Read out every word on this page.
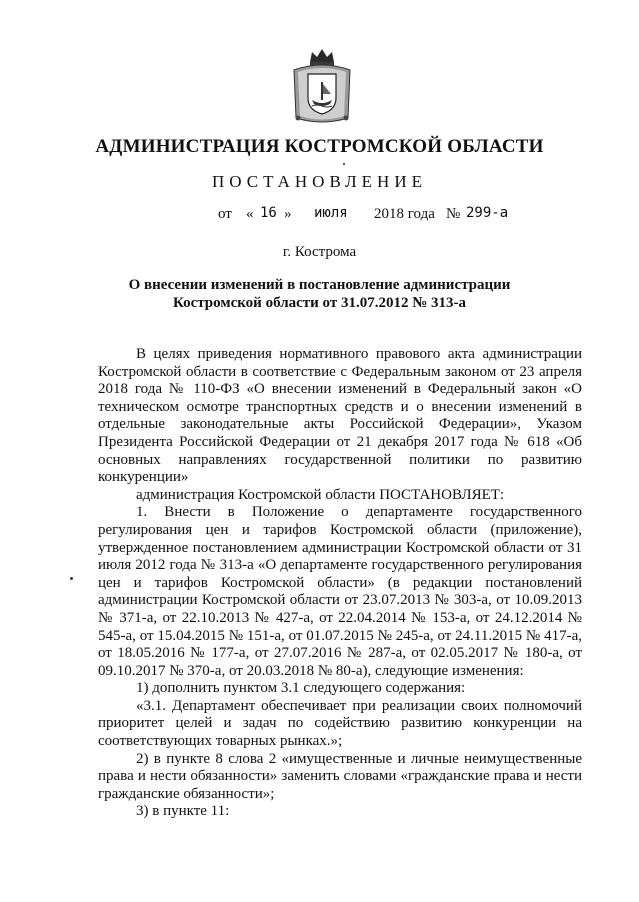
АДМИНИСТРАЦИЯ КОСТРОМСКОЙ ОБЛАСТИ
ПОСТАНОВЛЕНИЕ
от « 16 » июля 2018 года № 299-а
г. Кострома
О внесении изменений в постановление администрации
Костромской области от 31.07.2012 № 313-а

В целях приведения нормативного правового акта администрации Костромской области в соответствие с Федеральным законом от 23 апреля 2018 года № 110-ФЗ «О внесении изменений в Федеральный закон «О техническом осмотре транспортных средств и о внесении изменений в отдельные законодательные акты Российской Федерации», Указом Президента Российской Федерации от 21 декабря 2017 года № 618 «Об основных направлениях государственной политики по развитию конкуренции»

администрация Костромской области ПОСТАНОВЛЯЕТ:

1. Внести в Положение о департаменте государственного регулирования цен и тарифов Костромской области (приложение), утвержденное постановлением администрации Костромской области от 31 июля 2012 года № 313-а «О департаменте государственного регулирования цен и тарифов Костромской области» (в редакции постановлений администрации Костромской области от 23.07.2013 № 303-а, от 10.09.2013 № 371-а, от 22.10.2013 № 427-а, от 22.04.2014 № 153-а, от 24.12.2014 № 545-а, от 15.04.2015 № 151-а, от 01.07.2015 № 245-а, от 24.11.2015 № 417-а, от 18.05.2016 № 177-а, от 27.07.2016 № 287-а, от 02.05.2017 № 180-а, от 09.10.2017 № 370-а, от 20.03.2018 № 80-а), следующие изменения:

1) дополнить пунктом 3.1 следующего содержания:

«3.1. Департамент обеспечивает при реализации своих полномочий приоритет целей и задач по содействию развитию конкуренции на соответствующих товарных рынках.»;

2) в пункте 8 слова 2 «имущественные и личные неимущественные права и нести обязанности» заменить словами «гражданские права и нести гражданские обязанности»;

3) в пункте 11:
